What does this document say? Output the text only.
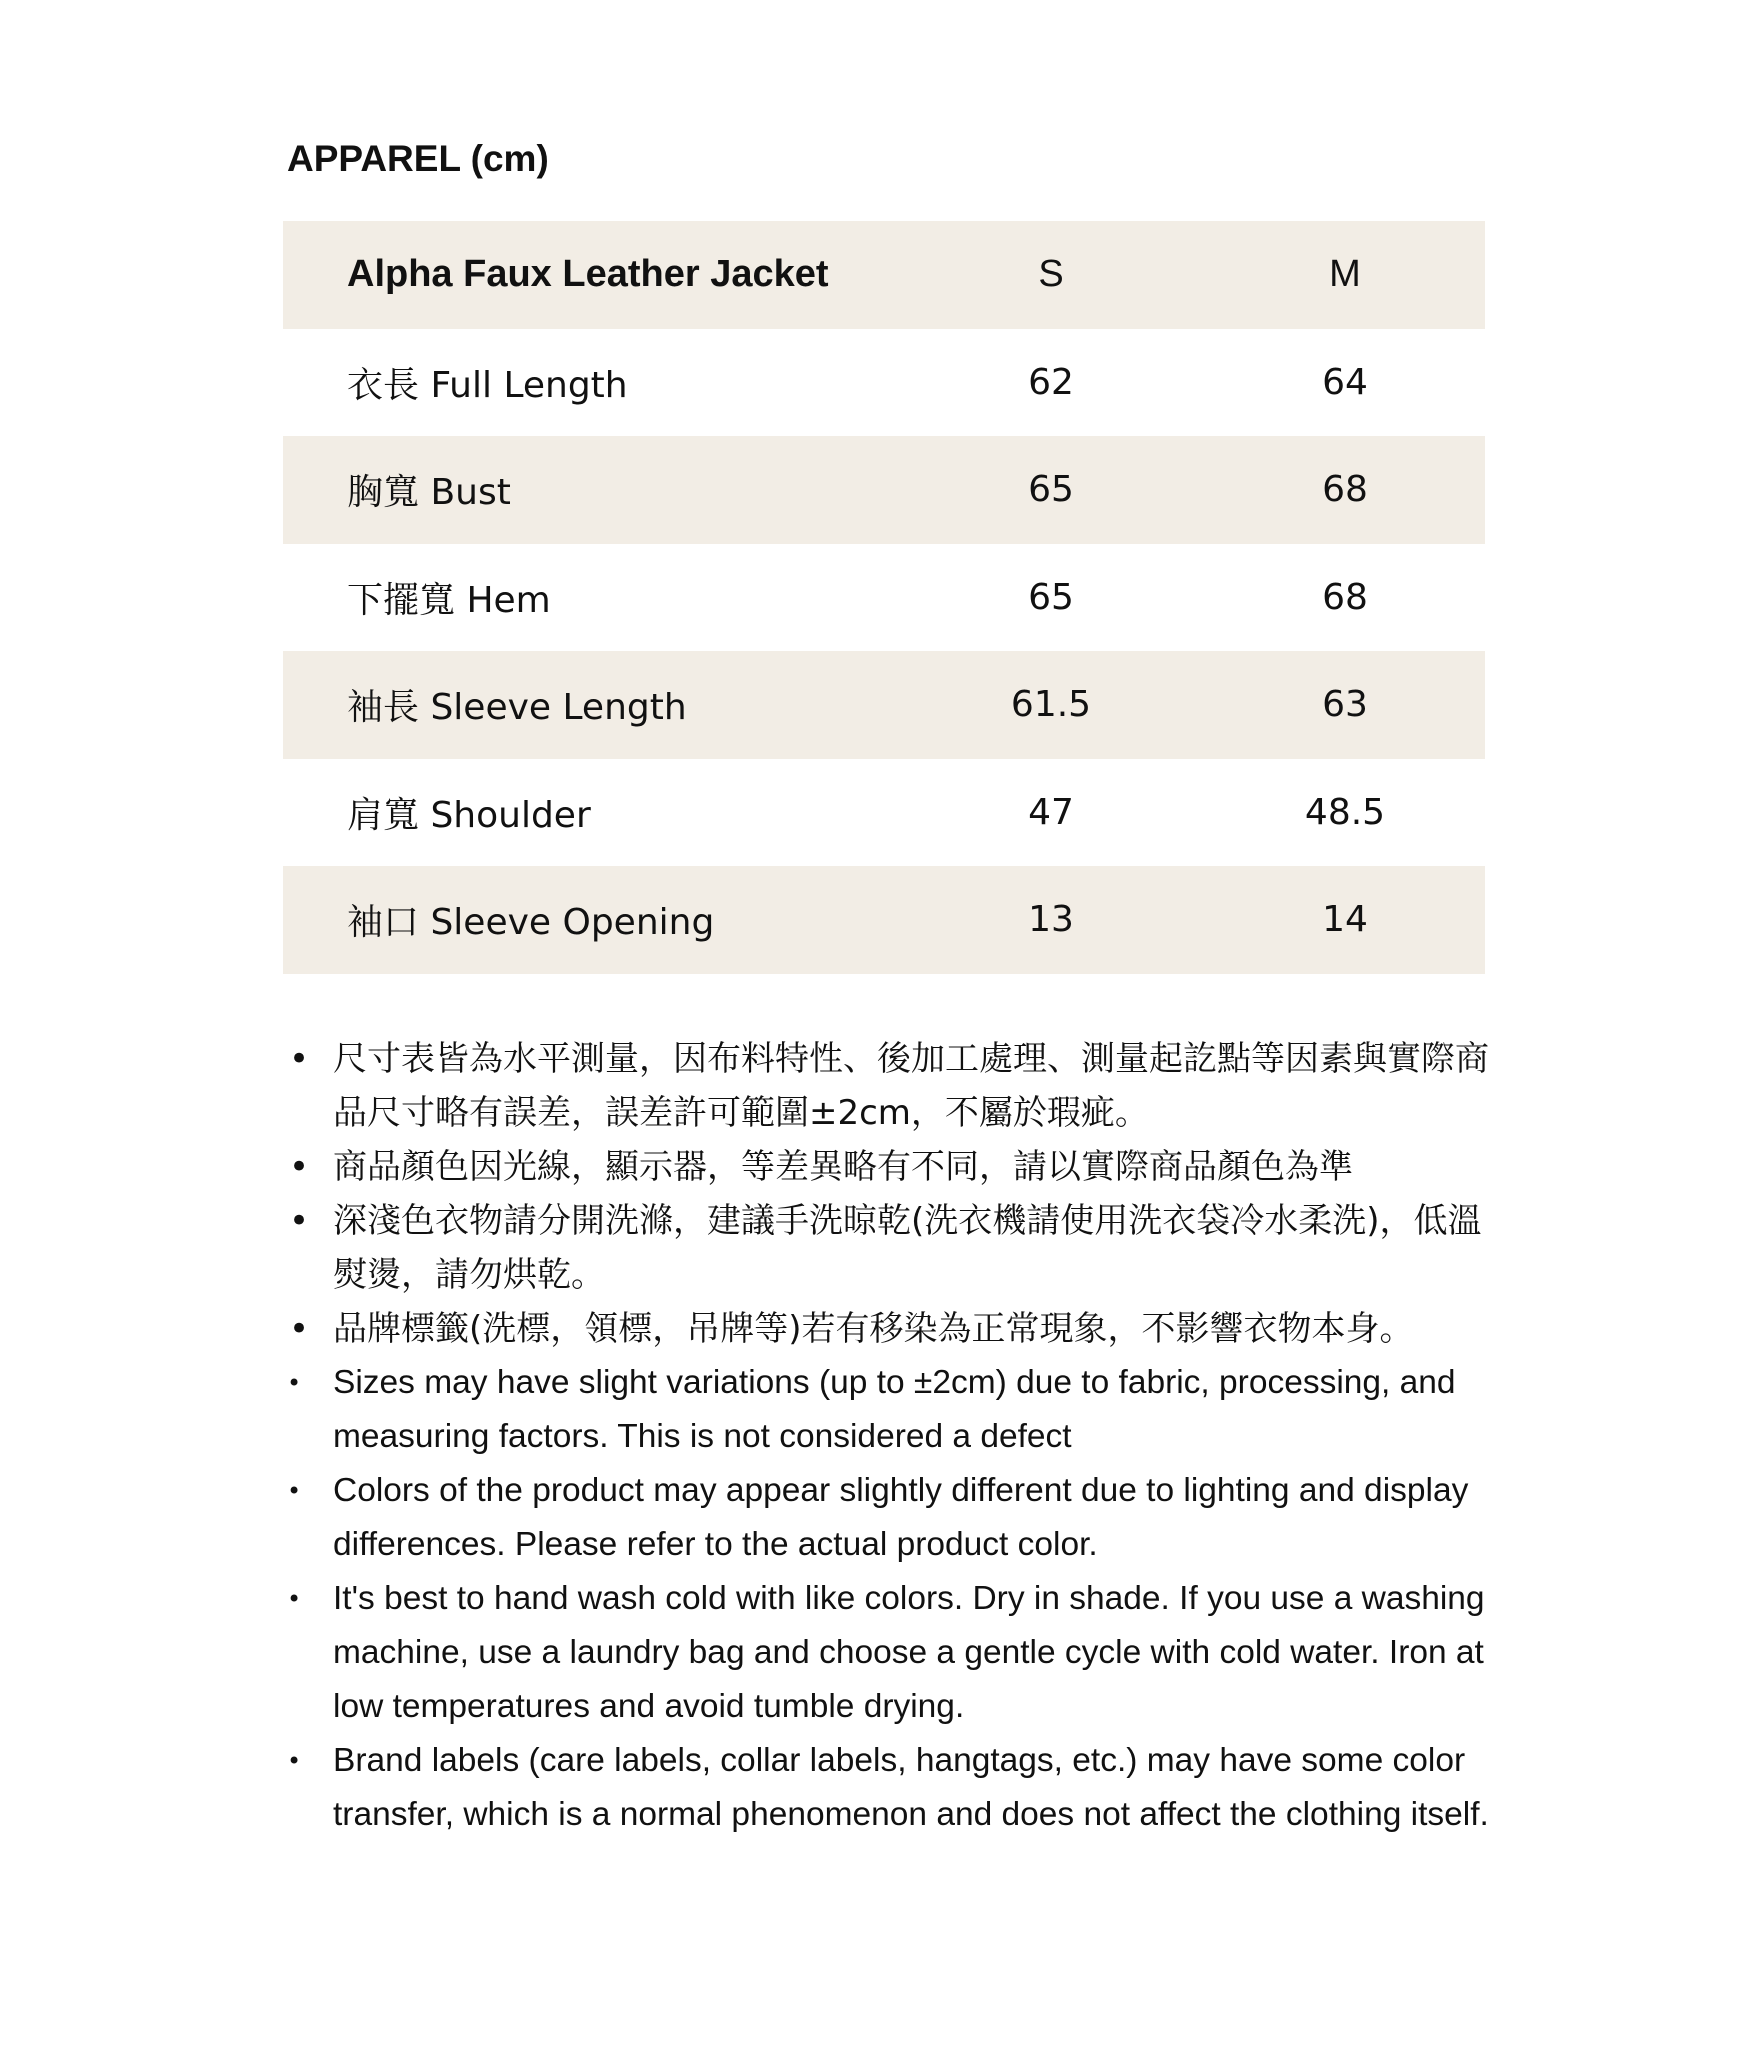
APPAREL (cm)
Alpha Faux Leather Jacket	S	M
衣長 Full Length	62	64
胸寬 Bust	65	68
下擺寬 Hem	65	68
袖長 Sleeve Length	61.5	63
肩寬 Shoulder	47	48.5
袖口 Sleeve Opening	13	14
• 尺寸表皆為水平測量，因布料特性、後加工處理、測量起訖點等因素與實際商品尺寸略有誤差，誤差許可範圍±2cm，不屬於瑕疵。
• 商品顏色因光線，顯示器，等差異略有不同，請以實際商品顏色為準
• 深淺色衣物請分開洗滌，建議手洗晾乾(洗衣機請使用洗衣袋冷水柔洗)，低溫熨燙，請勿烘乾。
• 品牌標籤(洗標，領標，吊牌等)若有移染為正常現象，不影響衣物本身。
• Sizes may have slight variations (up to ±2cm) due to fabric, processing, and measuring factors. This is not considered a defect
• Colors of the product may appear slightly different due to lighting and display differences. Please refer to the actual product color.
• It's best to hand wash cold with like colors. Dry in shade. If you use a washing machine, use a laundry bag and choose a gentle cycle with cold water. Iron at low temperatures and avoid tumble drying.
• Brand labels (care labels, collar labels, hangtags, etc.) may have some color transfer, which is a normal phenomenon and does not affect the clothing itself.
